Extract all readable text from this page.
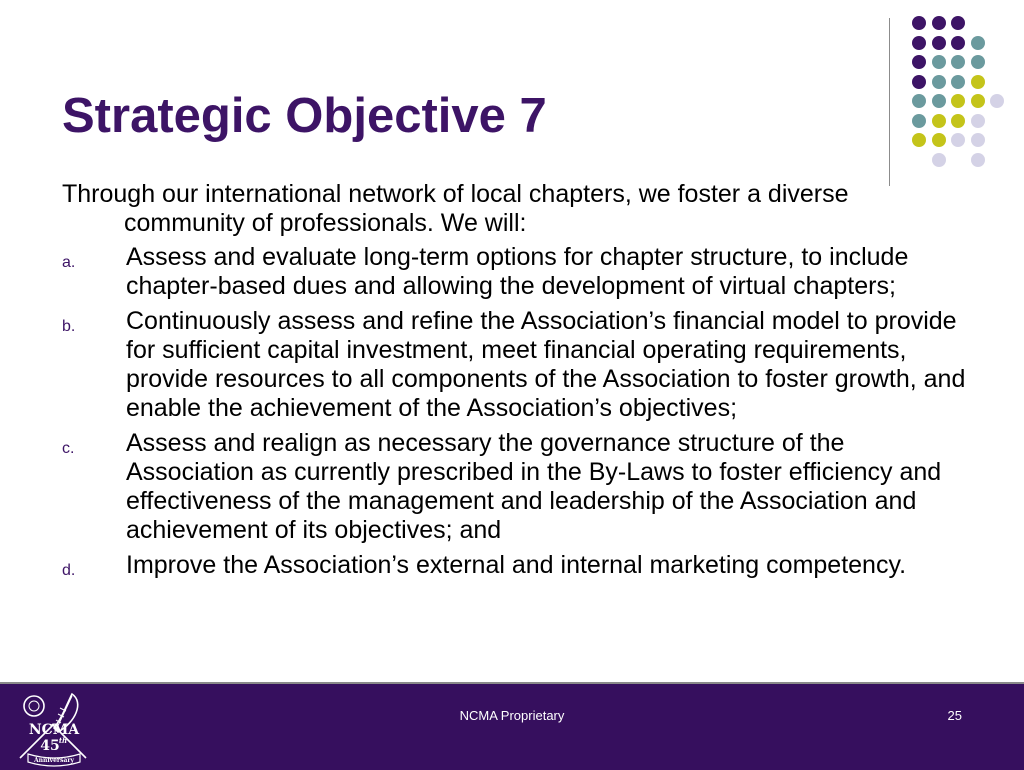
Strategic Objective 7

Through our international network of local chapters, we foster a diverse community of professionals. We will:

a. Assess and evaluate long-term options for chapter structure, to include chapter-based dues and allowing the development of virtual chapters;
b. Continuously assess and refine the Association’s financial model to provide for sufficient capital investment, meet financial operating requirements, provide resources to all components of the Association to foster growth, and enable the achievement of the Association’s objectives;
c. Assess and realign as necessary the governance structure of the Association as currently prescribed in the By-Laws to foster efficiency and effectiveness of the management and leadership of the Association and achievement of its objectives; and
d. Improve the Association’s external and internal marketing competency.
NCMA
45 th
Anniversary
NCMA Proprietary	25
